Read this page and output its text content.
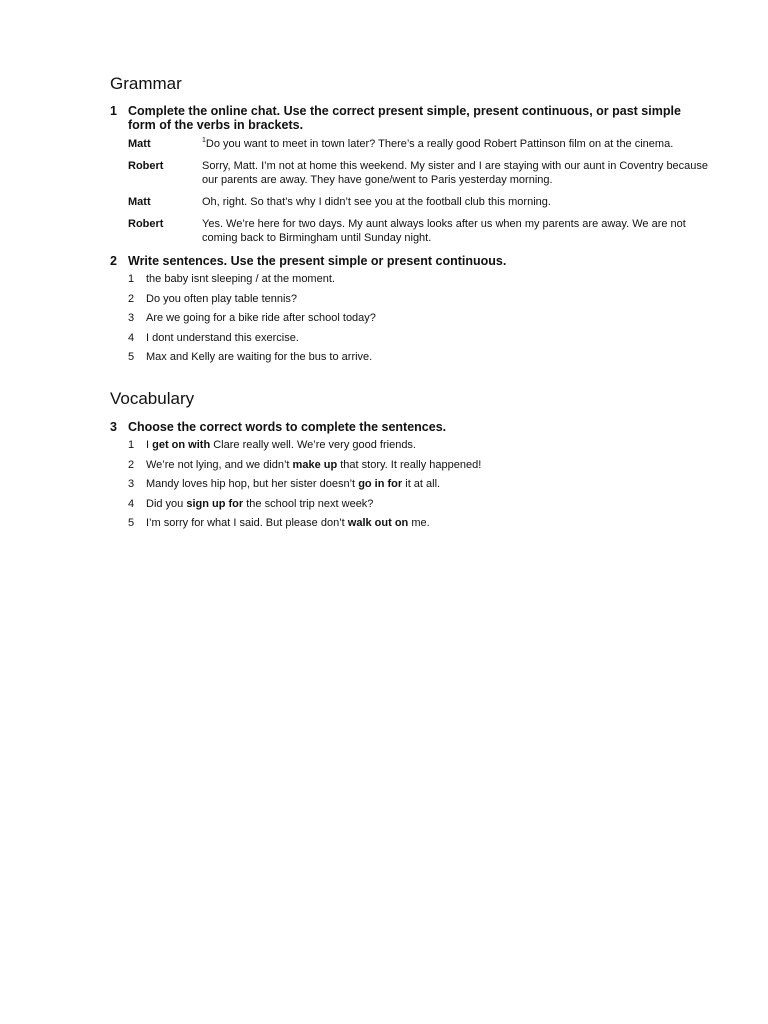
Grammar
1 Complete the online chat. Use the correct present simple, present continuous, or past simple form of the verbs in brackets.
Matt	$^1$Do you want to meet in town later? There’s a really good Robert Pattinson film on at the cinema.
Robert	Sorry, Matt. I’m not at home this weekend. My sister and I are staying with our aunt in Coventry because our parents are away. They have gone/went to Paris yesterday morning.
Matt	Oh, right. So that’s why I didn’t see you at the football club this morning.
Robert	Yes. We’re here for two days. My aunt always looks after us when my parents are away. We are not coming back to Birmingham until Sunday night.
2 Write sentences. Use the present simple or present continuous.
1	the baby isnt sleeping / at the moment.
2	Do you often play table tennis?
3	Are we going for a bike ride after school today?
4	I dont understand this exercise.
5	Max and Kelly are waiting for the bus to arrive.
Vocabulary
3 Choose the correct words to complete the sentences.
1	I get on with Clare really well. We’re very good friends.
2	We’re not lying, and we didn’t make up that story. It really happened!
3	Mandy loves hip hop, but her sister doesn’t go in for it at all.
4	Did you sign up for the school trip next week?
5	I’m sorry for what I said. But please don’t walk out on me.
